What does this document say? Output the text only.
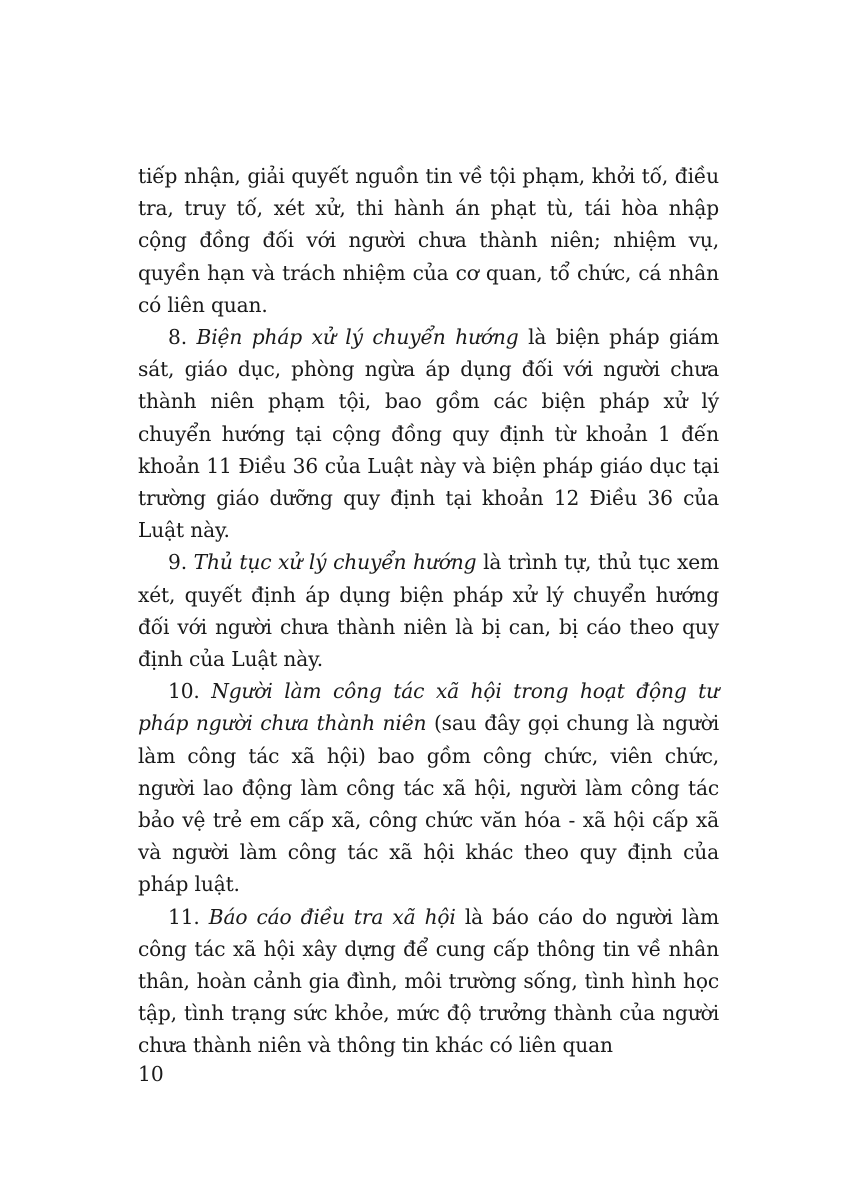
tiếp nhận, giải quyết nguồn tin về tội phạm, khởi tố, điều tra, truy tố, xét xử, thi hành án phạt tù, tái hòa nhập cộng đồng đối với người chưa thành niên; nhiệm vụ, quyền hạn và trách nhiệm của cơ quan, tổ chức, cá nhân có liên quan.

8. Biện pháp xử lý chuyển hướng là biện pháp giám sát, giáo dục, phòng ngừa áp dụng đối với người chưa thành niên phạm tội, bao gồm các biện pháp xử lý chuyển hướng tại cộng đồng quy định từ khoản 1 đến khoản 11 Điều 36 của Luật này và biện pháp giáo dục tại trường giáo dưỡng quy định tại khoản 12 Điều 36 của Luật này.

9. Thủ tục xử lý chuyển hướng là trình tự, thủ tục xem xét, quyết định áp dụng biện pháp xử lý chuyển hướng đối với người chưa thành niên là bị can, bị cáo theo quy định của Luật này.

10. Người làm công tác xã hội trong hoạt động tư pháp người chưa thành niên (sau đây gọi chung là người làm công tác xã hội) bao gồm công chức, viên chức, người lao động làm công tác xã hội, người làm công tác bảo vệ trẻ em cấp xã, công chức văn hóa - xã hội cấp xã và người làm công tác xã hội khác theo quy định của pháp luật.

11. Báo cáo điều tra xã hội là báo cáo do người làm công tác xã hội xây dựng để cung cấp thông tin về nhân thân, hoàn cảnh gia đình, môi trường sống, tình hình học tập, tình trạng sức khỏe, mức độ trưởng thành của người chưa thành niên và thông tin khác có liên quan

10
